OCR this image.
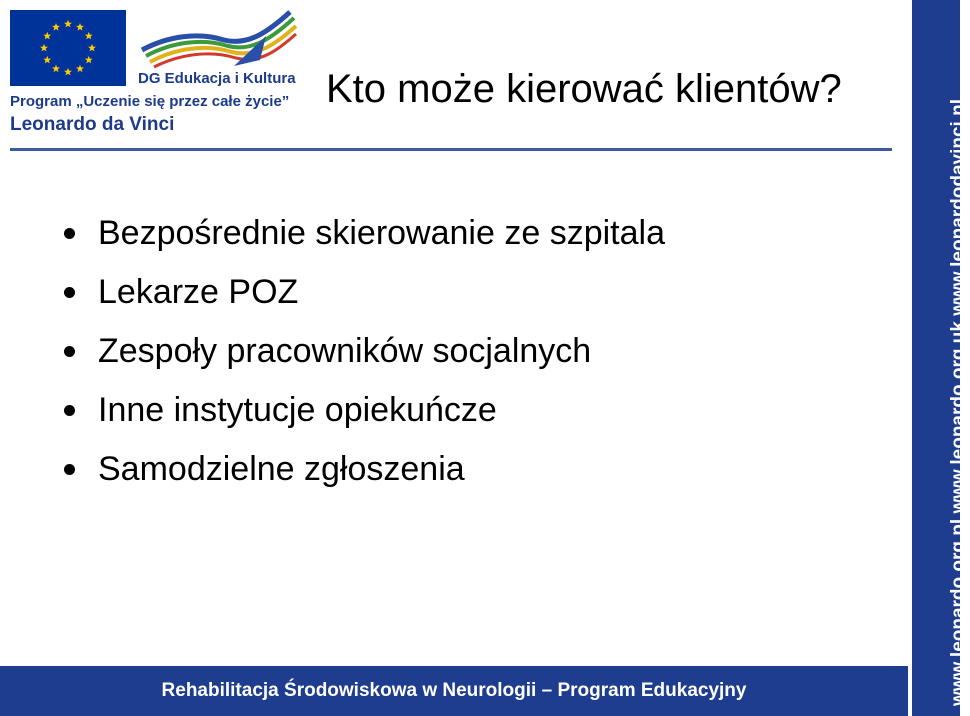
DG Edukacja i Kultura
Program „Uczenie się przez całe życie”
Leonardo da Vinci
Kto może kierować klientów?
Bezpośrednie skierowanie ze szpitala
Lekarze POZ
Zespoły pracowników socjalnych
Inne instytucje opiekuńcze
Samodzielne zgłoszenia
Rehabilitacja Środowiskowa w Neurologii – Program Edukacyjny	www.leonardo.org.pl www.leonardo.org.uk www.leonardodavinci.nl
